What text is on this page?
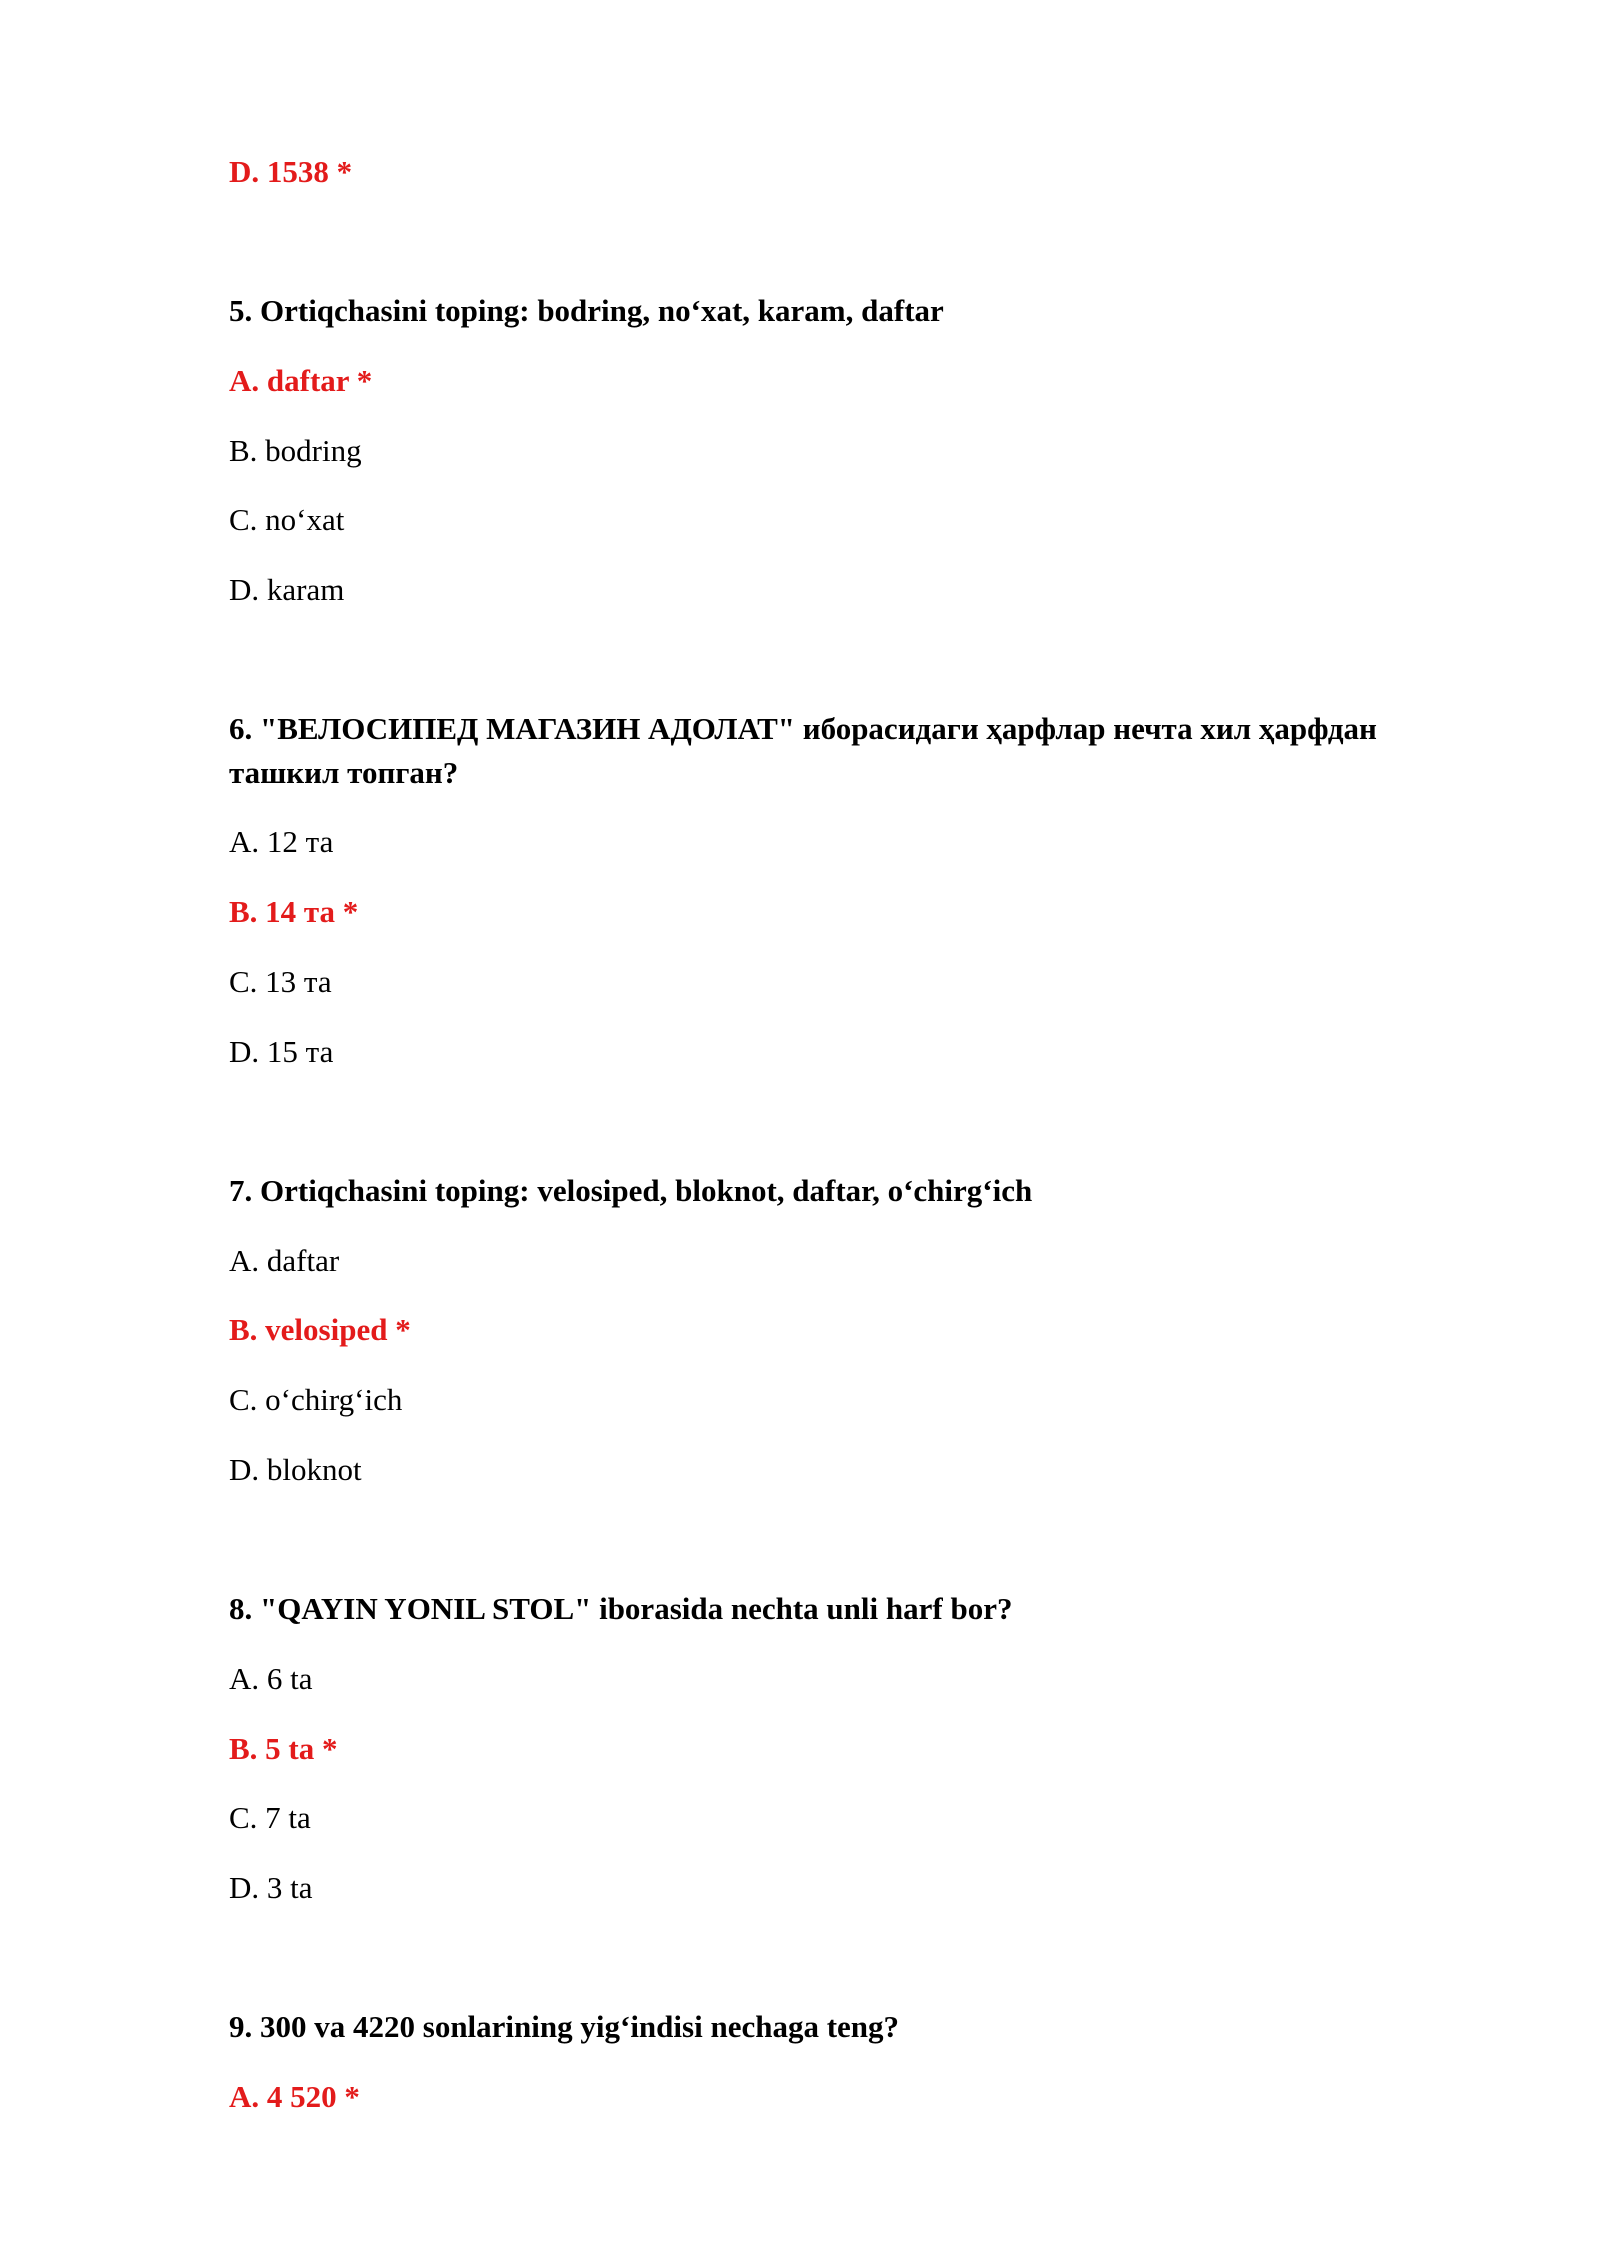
D. 1538 *
5. Ortiqchasini toping: bodring, no‘xat, karam, daftar
A. daftar *
B. bodring
C. no‘xat
D. karam
6. "ВЕЛОСИПЕД МАГАЗИН АДОЛАТ" иборасидаги ҳарфлар нечта хил ҳарфдан
ташкил топган?
A. 12 та
B. 14 та *
C. 13 та
D. 15 та
7. Ortiqchasini toping: velosiped, bloknot, daftar, o‘chirg‘ich
A. daftar
B. velosiped *
C. o‘chirg‘ich
D. bloknot
8. "QAYIN YONIL STOL" iborasida nechta unli harf bor?
A. 6 ta
B. 5 ta *
C. 7 ta
D. 3 ta
9. 300 va 4220 sonlarining yig‘indisi nechaga teng?
A. 4 520 *
